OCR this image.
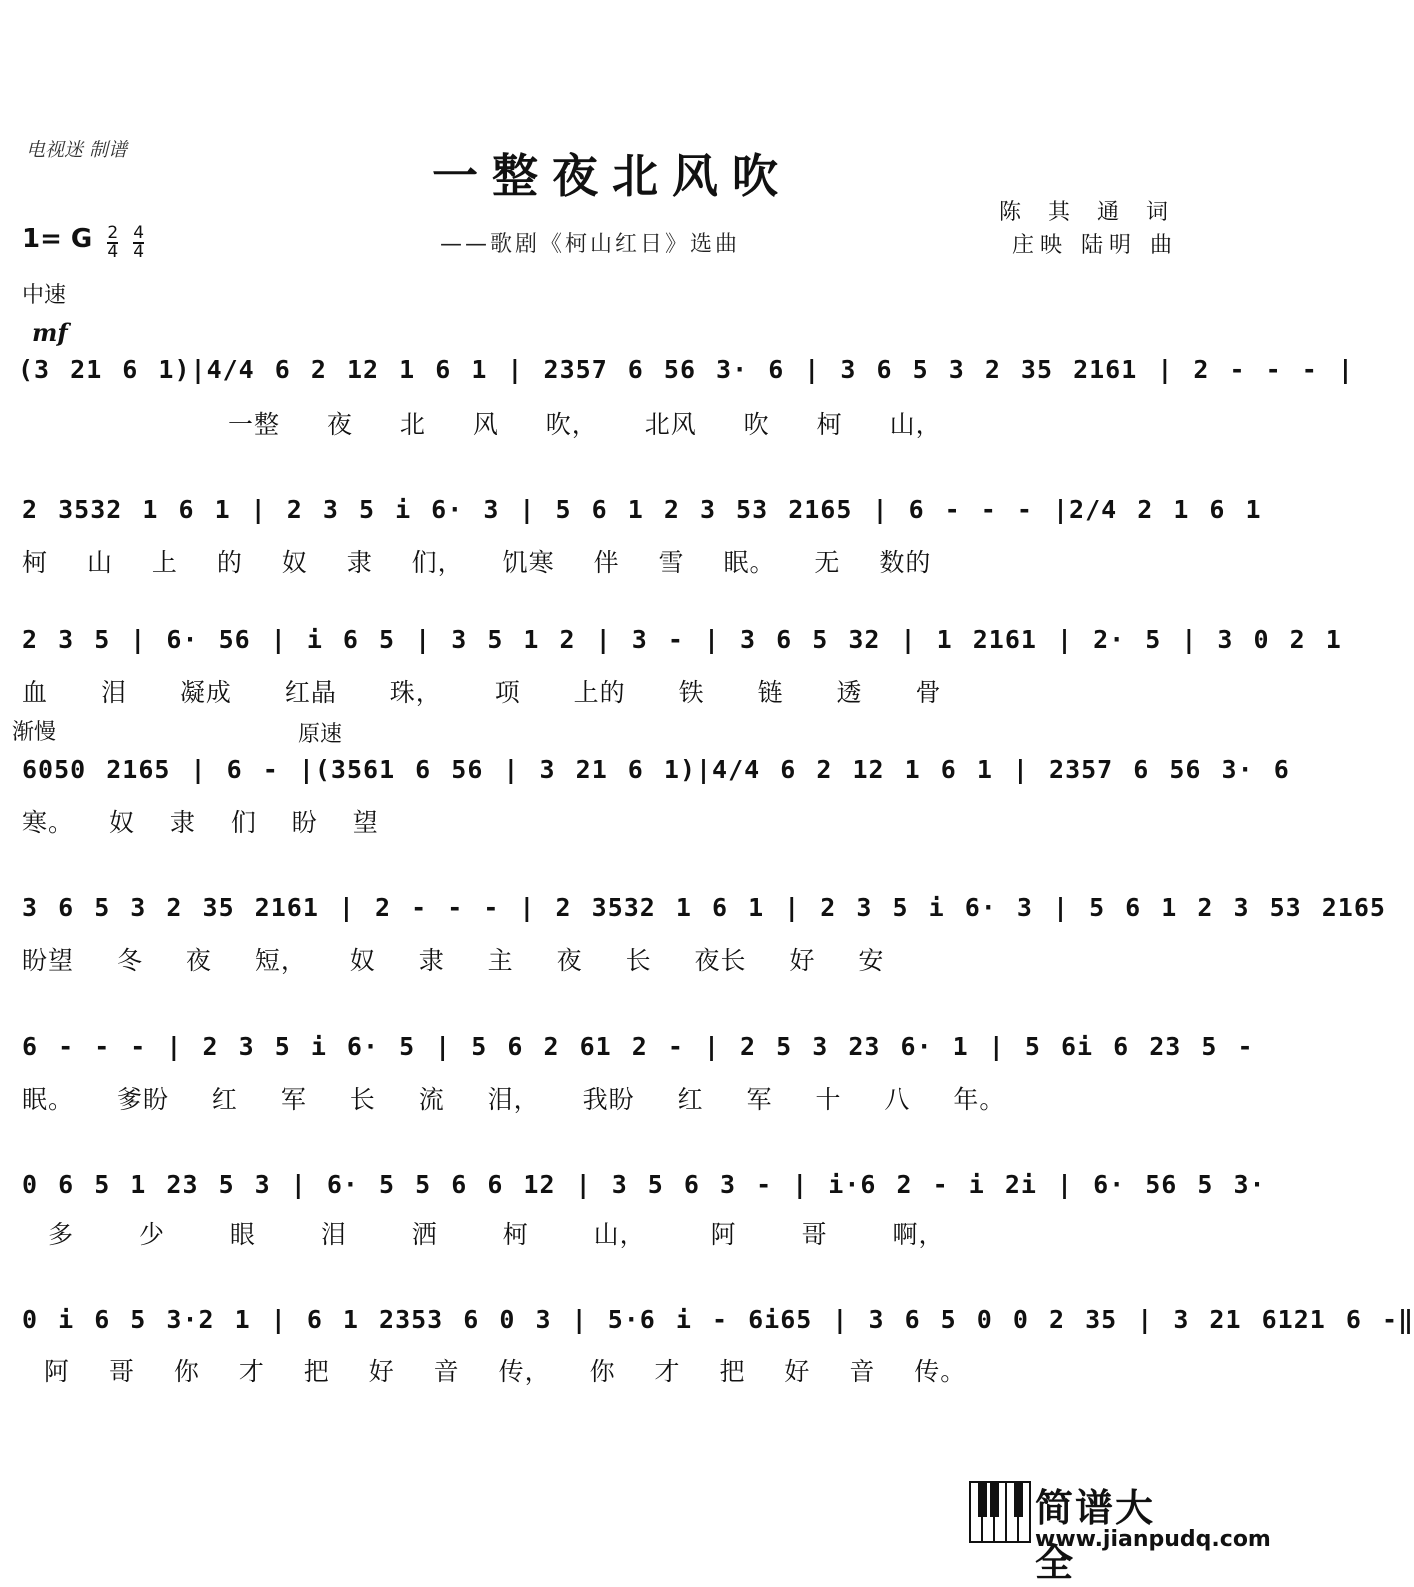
电视迷 制谱	一整夜北风吹
——歌剧《柯山红日》选曲
陈 其 通 词
庄映 陆明 曲
1= G $\frac{2}{4}$
$\frac{4}{4}$
中速
mf
(3 21 6 1)|4/4 6 2 12 1 6 1 | 2357 6 56 3· 6 | 3 6 5 3 2 35 2161 | 2 - - - |
一整 夜 北 风 吹， 北风 吹 柯 山，
2 3532 1 6 1 | 2 3 5 i 6· 3 | 5 6 1 2 3 53 2165 | 6 - - - |2/4 2 1 6 1
柯 山 上 的 奴 隶 们， 饥寒 伴 雪 眠。 无 数的
2 3 5 | 6· 56 | i 6 5 | 3 5 1 2 | 3 - | 3 6 5 32 | 1 2161 | 2· 5 | 3 0 2 1
血 泪 凝成 红晶 珠， 项 上的 铁 链 透 骨
渐慢	原速
6050 2165 | 6 - |(3561 6 56 | 3 21 6 1)|4/4 6 2 12 1 6 1 | 2357 6 56 3· 6
寒。 奴 隶 们 盼 望
3 6 5 3 2 35 2161 | 2 - - - | 2 3532 1 6 1 | 2 3 5 i 6· 3 | 5 6 1 2 3 53 2165
盼望 冬 夜 短， 奴 隶 主 夜 长 夜长 好 安
6 - - - | 2 3 5 i 6· 5 | 5 6 2 61 2 - | 2 5 3 23 6· 1 | 5 6i 6 23 5 -
眠。 爹盼 红 军 长 流 泪， 我盼 红 军 十 八 年。
0 6 5 1 23 5 3 | 6· 5 5 6 6 12 | 3 5 6 3 - | i·6 2 - i 2i | 6· 56 5 3·
多 少 眼 泪 洒 柯 山， 阿 哥 啊，
0 i 6 5 3·2 1 | 6 1 2353 6 0 3 | 5·6 i - 6i65 | 3 6 5 0 0 2 35 | 3 21 6121 6 -‖
阿 哥 你 才 把 好 音 传， 你 才 把 好 音 传。
简谱大全
www.jianpudq.com
